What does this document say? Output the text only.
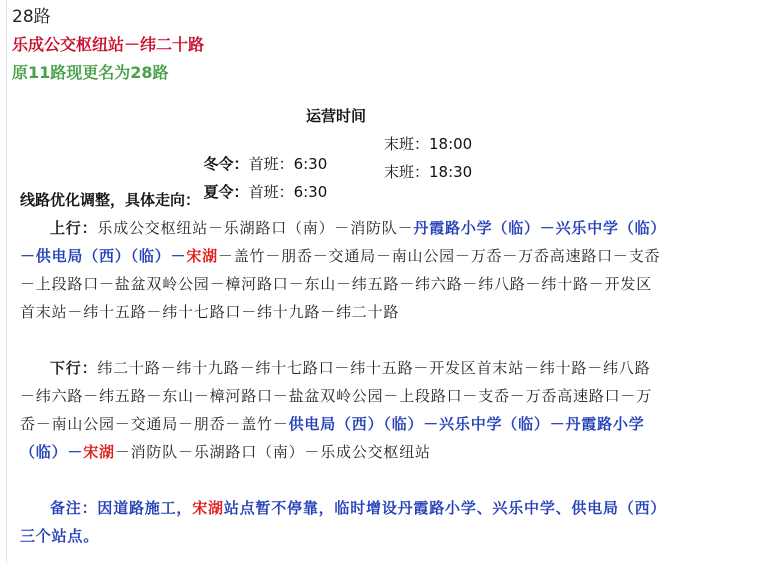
28路
乐成公交枢纽站－纬二十路
原11路现更名为28路
运营时间

冬令：首班：6:30

末班：18:00

夏令：首班：6:30

末班：18:30

线路优化调整，具体走向：
上行：乐成公交枢纽站－乐湖路口（南）－消防队－丹霞路小学（临）－兴乐中学（临）－供电局（西）（临）－宋湖－盖竹－朋岙－交通局－南山公园－万岙－万岙高速路口－支岙－上段路口－盐盆双岭公园－樟河路口－东山－纬五路－纬六路－纬八路－纬十路－开发区首末站－纬十五路－纬十七路口－纬十九路－纬二十路
下行：纬二十路－纬十九路－纬十七路口－纬十五路－开发区首末站－纬十路－纬八路－纬六路－纬五路－东山－樟河路口－盐盆双岭公园－上段路口－支岙－万岙高速路口－万岙－南山公园－交通局－朋岙－盖竹－供电局（西）（临）－兴乐中学（临）－丹霞路小学（临）－宋湖－消防队－乐湖路口（南）－乐成公交枢纽站
备注：因道路施工，宋湖站点暂不停靠，临时增设丹霞路小学、兴乐中学、供电局（西）三个站点。
